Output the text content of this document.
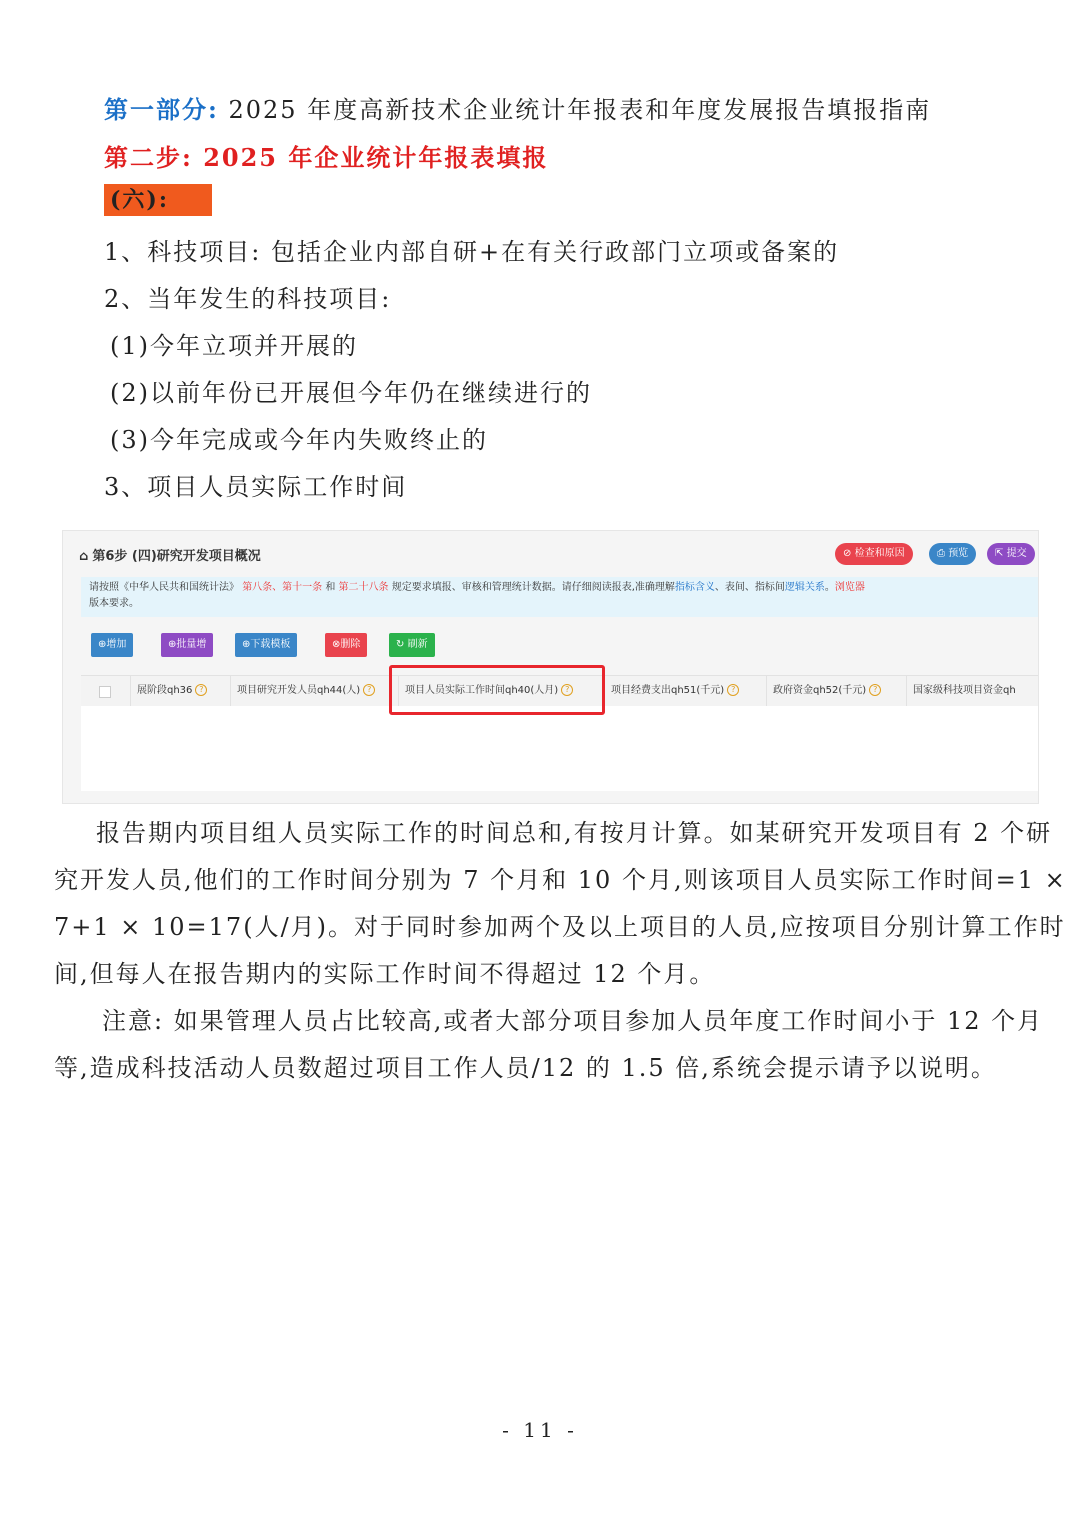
第一部分: 2025 年度高新技术企业统计年报表和年度发展报告填报指南
第二步: 2025 年企业统计年报表填报
(六):
1、科技项目: 包括企业内部自研+在有关行政部门立项或备案的
2、当年发生的科技项目:
(1)今年立项并开展的
(2)以前年份已开展但今年仍在继续进行的
(3)今年完成或今年内失败终止的
3、项目人员实际工作时间
⌂ 第6步 (四)研究开发项目概况	⊘ 检查和原因	⎙ 预览	⇱ 提交
请按照《中华人民共和国统计法》 第八条、第十一条 和 第二十八条 规定要求填报、审核和管理统计数据。请仔细阅读报表,准确理解指标含义、表间、指标间逻辑关系。浏览器
版本要求。
⊕增加	⊕批量增	⊕下载模板	⊗删除	↻ 刷新
展阶段qh36 ?	项目研究开发人员qh44(人) ?	项目人员实际工作时间qh40(人月) ?	项目经费支出qh51(千元) ?	政府资金qh52(千元) ?	国家级科技项目资金qh
报告期内项目组人员实际工作的时间总和,有按月计算。如某研究开发项目有 2 个研
究开发人员,他们的工作时间分别为 7 个月和 10 个月,则该项目人员实际工作时间=1 ×
7+1 × 10=17(人/月)。对于同时参加两个及以上项目的人员,应按项目分别计算工作时
间,但每人在报告期内的实际工作时间不得超过 12 个月。
注意: 如果管理人员占比较高,或者大部分项目参加人员年度工作时间小于 12 个月
等,造成科技活动人员数超过项目工作人员/12 的 1.5 倍,系统会提示请予以说明。
- 11 -
